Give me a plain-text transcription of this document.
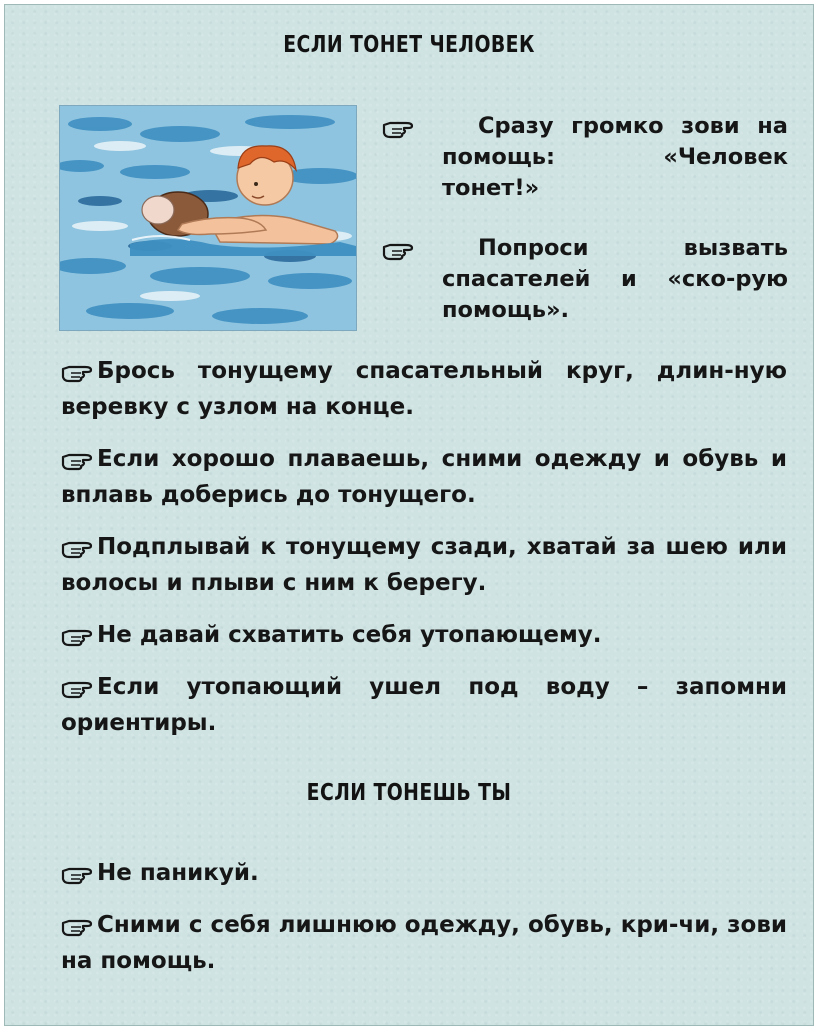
ЕСЛИ ТОНЕТ ЧЕЛОВЕК
Сразу громко зови на помощь: «Человек тонет!»
Попроси вызвать спасателей и «ско-рую помощь».
Брось тонущему спасательный круг, длин-ную веревку с узлом на конце.
Если хорошо плаваешь, сними одежду и обувь и вплавь доберись до тонущего.
Подплывай к тонущему сзади, хватай за шею или волосы и плыви с ним к берегу.
Не давай схватить себя утопающему.
Если утопающий ушел под воду – запомни ориентиры.
ЕСЛИ ТОНЕШЬ ТЫ
Не паникуй.
Сними с себя лишнюю одежду, обувь, кри-чи, зови на помощь.
